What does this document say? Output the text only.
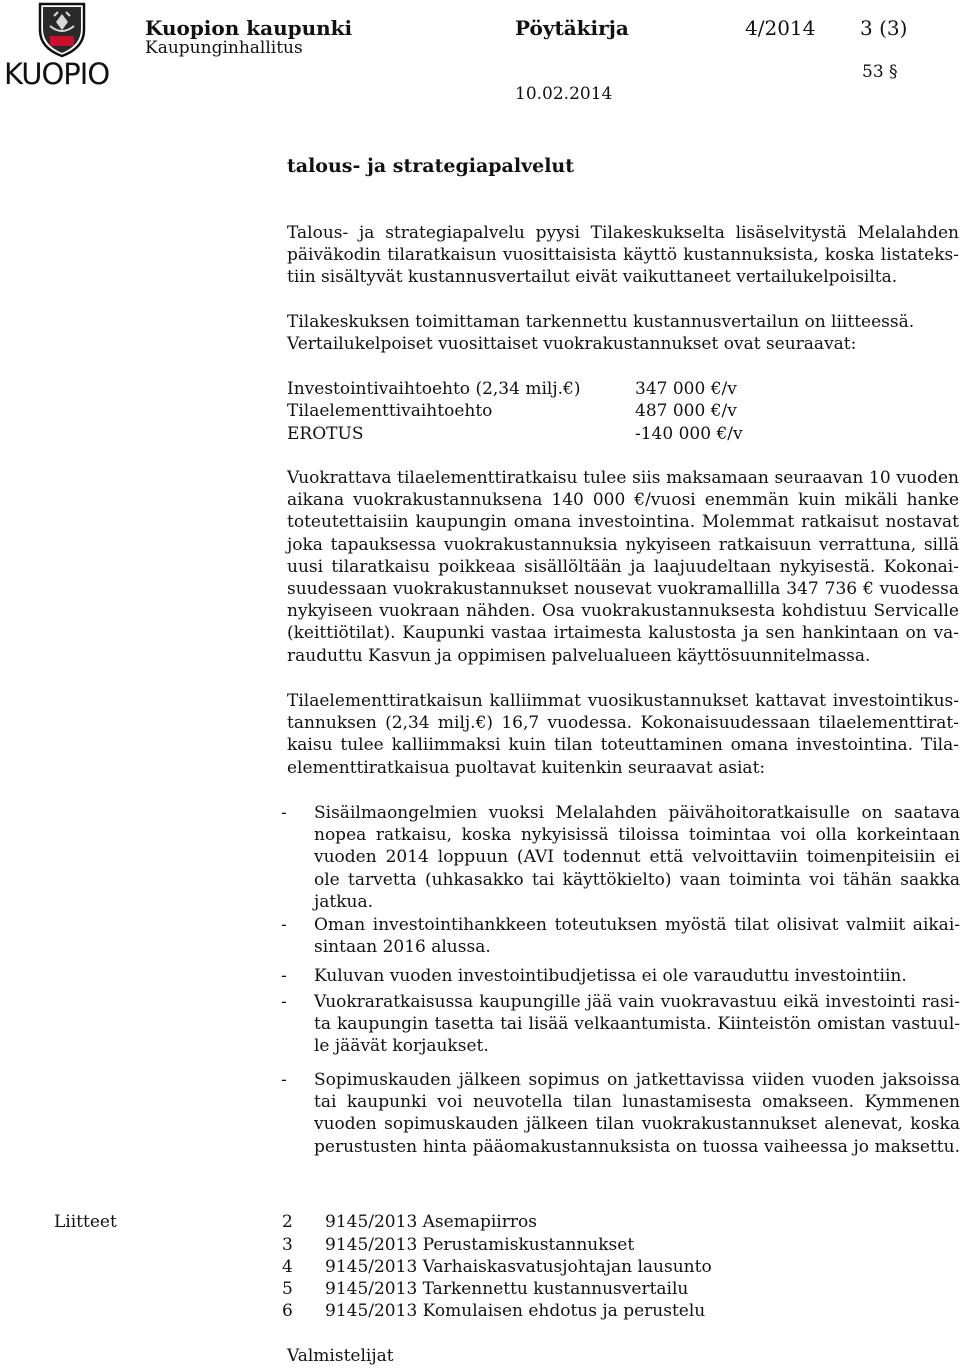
KUOPIO
Kuopion kaupunki
Kaupunginhallitus
Pöytäkirja	4/2014 3 (3)
10.02.2014
53 §
talous- ja strategiapalvelut
Talous- ja strategiapalvelu pyysi Tilakeskukselta lisäselvitystä Melalahden
päiväkodin tilaratkaisun vuosittaisista käyttö kustannuksista, koska listateks-
tiin sisältyvät kustannusvertailut eivät vaikuttaneet vertailukelpoisilta.
Tilakeskuksen toimittaman tarkennettu kustannusvertailun on liitteessä.
Vertailukelpoiset vuosittaiset vuokrakustannukset ovat seuraavat:
Investointivaihtoehto (2,34 milj.€)	347 000 €/v
Tilaelementtivaihtoehto	487 000 €/v
EROTUS	-140 000 €/v
Vuokrattava tilaelementtiratkaisu tulee siis maksamaan seuraavan 10 vuoden
aikana vuokrakustannuksena 140 000 €/vuosi enemmän kuin mikäli hanke
toteutettaisiin kaupungin omana investointina. Molemmat ratkaisut nostavat
joka tapauksessa vuokrakustannuksia nykyiseen ratkaisuun verrattuna, sillä
uusi tilaratkaisu poikkeaa sisällöltään ja laajuudeltaan nykyisestä. Kokonai-
suudessaan vuokrakustannukset nousevat vuokramallilla 347 736 € vuodessa
nykyiseen vuokraan nähden. Osa vuokrakustannuksesta kohdistuu Servicalle
(keittiötilat). Kaupunki vastaa irtaimesta kalustosta ja sen hankintaan on va-
rauduttu Kasvun ja oppimisen palvelualueen käyttösuunnitelmassa.
Tilaelementtiratkaisun kalliimmat vuosikustannukset kattavat investointikus-
tannuksen (2,34 milj.€) 16,7 vuodessa. Kokonaisuudessaan tilaelementtirat-
kaisu tulee kalliimmaksi kuin tilan toteuttaminen omana investointina. Tila-
elementtiratkaisua puoltavat kuitenkin seuraavat asiat:
- Sisäilmaongelmien vuoksi Melalahden päivähoitoratkaisulle on saatava
nopea ratkaisu, koska nykyisissä tiloissa toimintaa voi olla korkeintaan
vuoden 2014 loppuun (AVI todennut että velvoittaviin toimenpiteisiin ei
ole tarvetta (uhkasakko tai käyttökielto) vaan toiminta voi tähän saakka
jatkua.
- Oman investointihankkeen toteutuksen myöstä tilat olisivat valmiit aikai-
sintaan 2016 alussa.
- Kuluvan vuoden investointibudjetissa ei ole varauduttu investointiin.
- Vuokraratkaisussa kaupungille jää vain vuokravastuu eikä investointi rasi-
ta kaupungin tasetta tai lisää velkaantumista. Kiinteistön omistan vastuul-
le jäävät korjaukset.
- Sopimuskauden jälkeen sopimus on jatkettavissa viiden vuoden jaksoissa
tai kaupunki voi neuvotella tilan lunastamisesta omakseen. Kymmenen
vuoden sopimuskauden jälkeen tilan vuokrakustannukset alenevat, koska
perustusten hinta pääomakustannuksista on tuossa vaiheessa jo maksettu.
Liitteet	2 9145/2013 Asemapiirros
3 9145/2013 Perustamiskustannukset
4 9145/2013 Varhaiskasvatusjohtajan lausunto
5 9145/2013 Tarkennettu kustannusvertailu
6 9145/2013 Komulaisen ehdotus ja perustelu
Valmistelijat
